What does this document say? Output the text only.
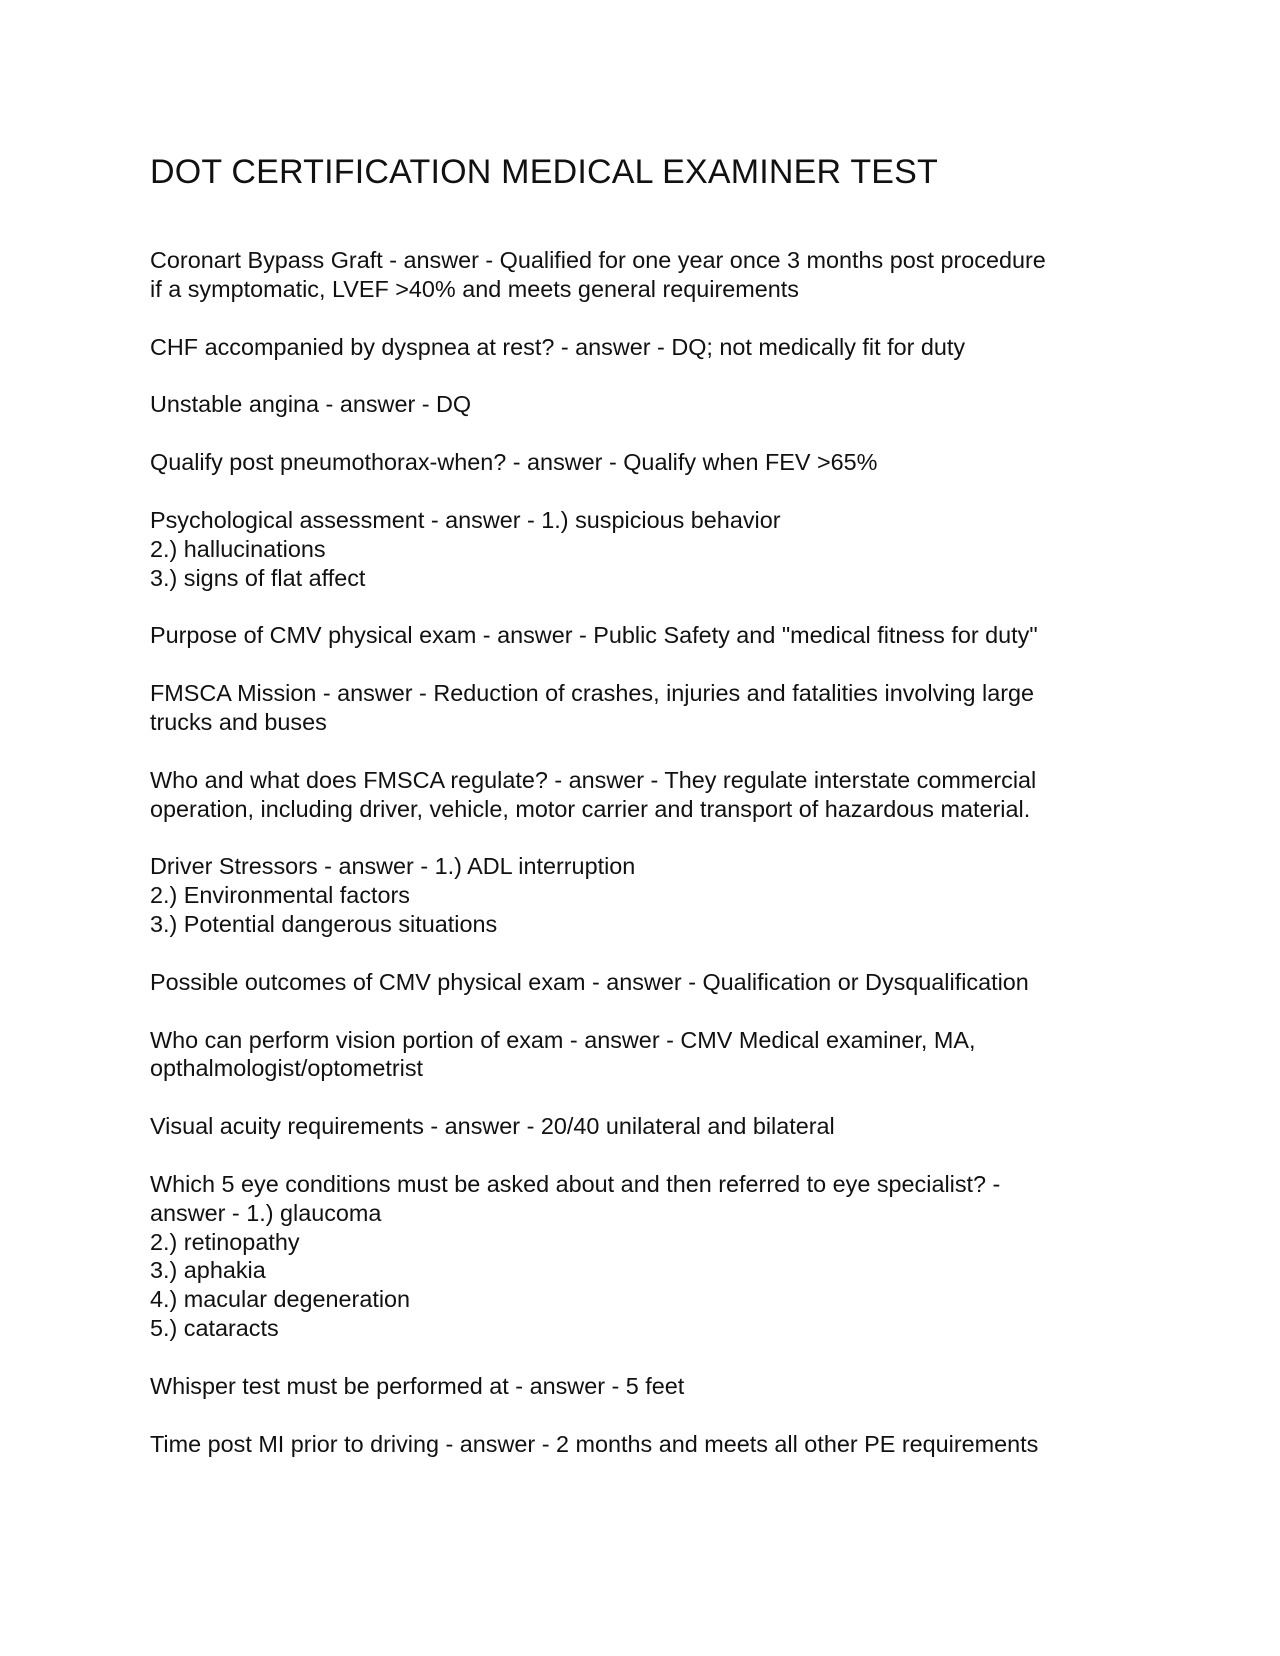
DOT CERTIFICATION MEDICAL EXAMINER TEST

Coronart Bypass Graft - answer - Qualified for one year once 3 months post procedure
if a symptomatic, LVEF >40% and meets general requirements

CHF accompanied by dyspnea at rest? - answer - DQ; not medically fit for duty

Unstable angina - answer - DQ

Qualify post pneumothorax-when? - answer - Qualify when FEV >65%

Psychological assessment - answer - 1.) suspicious behavior
2.) hallucinations
3.) signs of flat affect

Purpose of CMV physical exam - answer - Public Safety and "medical fitness for duty"

FMSCA Mission - answer - Reduction of crashes, injuries and fatalities involving large
trucks and buses

Who and what does FMSCA regulate? - answer - They regulate interstate commercial
operation, including driver, vehicle, motor carrier and transport of hazardous material.

Driver Stressors - answer - 1.) ADL interruption
2.) Environmental factors
3.) Potential dangerous situations

Possible outcomes of CMV physical exam - answer - Qualification or Dysqualification

Who can perform vision portion of exam - answer - CMV Medical examiner, MA,
opthalmologist/optometrist

Visual acuity requirements - answer - 20/40 unilateral and bilateral

Which 5 eye conditions must be asked about and then referred to eye specialist? -
answer - 1.) glaucoma
2.) retinopathy
3.) aphakia
4.) macular degeneration
5.) cataracts

Whisper test must be performed at - answer - 5 feet

Time post MI prior to driving - answer - 2 months and meets all other PE requirements
